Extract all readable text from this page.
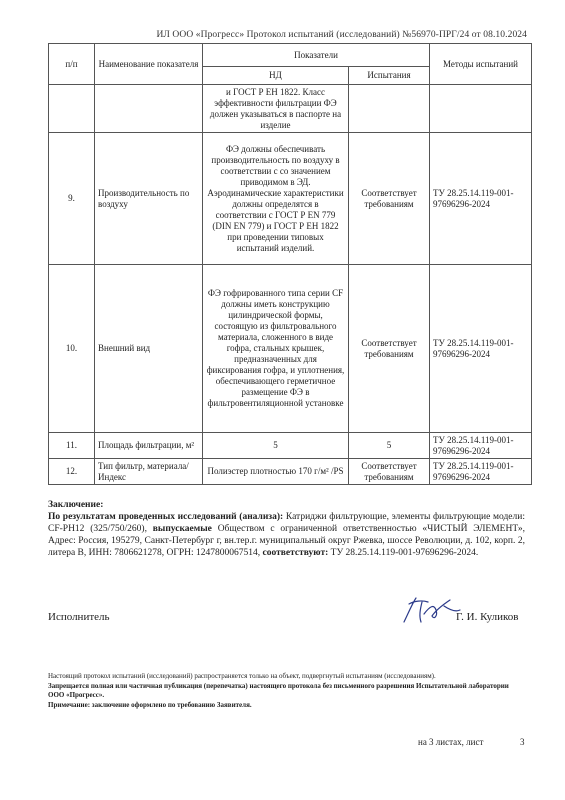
ИЛ ООО «Прогресс» Протокол испытаний (исследований) №56970-ПРГ/24 от 08.10.2024
п/п	Наименование показателя	Показатели		Методы испытаний
		НД	Испытания	
		и ГОСТ Р ЕН 1822. Класс эффективности фильтрации ФЭ должен указываться в паспорте на изделие		
9.	Производительность по воздуху	ФЭ должны обеспечивать производительность по воздуху в соответствии с со значением приводимом в ЭД. Аэродинамические характеристики должны определятся в соответствии с ГОСТ Р EN 779 (DIN EN 779) и ГОСТ Р ЕН 1822 при проведении типовых испытаний изделий.	Соответствует требованиям	ТУ 28.25.14.119-001-97696296-2024
10.	Внешний вид	ФЭ гофрированного типа серии CF должны иметь конструкцию цилиндрической формы, состоящую из фильтровального материала, сложенного в виде гофра, стальных крышек, предназначенных для фиксирования гофра, и уплотнения, обеспечивающего герметичное размещение ФЭ в фильтровентиляционной установке	Соответствует требованиям	ТУ 28.25.14.119-001-97696296-2024
11.	Площадь фильтрации, м²	5	5	ТУ 28.25.14.119-001-97696296-2024
12.	Тип фильтр, материала/ Индекс	Полиэстер плотностью 170 г/м² /PS	Соответствует требованиям	ТУ 28.25.14.119-001-97696296-2024
Заключение:

По результатам проведенных исследований (анализа): Катриджи фильтрующие, элементы фильтрующие модели: CF-PH12 (325/750/260), выпускаемые Обществом с ограниченной ответственностью «ЧИСТЫЙ ЭЛЕМЕНТ», Адрес: Россия, 195279, Санкт-Петербург г, вн.тер.г. муниципальный округ Ржевка, шоссе Революции, д. 102, корп. 2, литера В, ИНН: 7806621278, ОГРН: 1247800067514, соответствуют: ТУ 28.25.14.119-001-97696296-2024.

Исполнитель	Г. И. Куликов

Настоящий протокол испытаний (исследований) распространяется только на объект, подвергнутый испытаниям (исследованиям).

Запрещается полная или частичная публикация (перепечатка) настоящего протокола без письменного разрешения Испытательной лаборатории ООО «Прогресс».

Примечание: заключение оформлено по требованию Заявителя.

на 3 листах, лист	3
